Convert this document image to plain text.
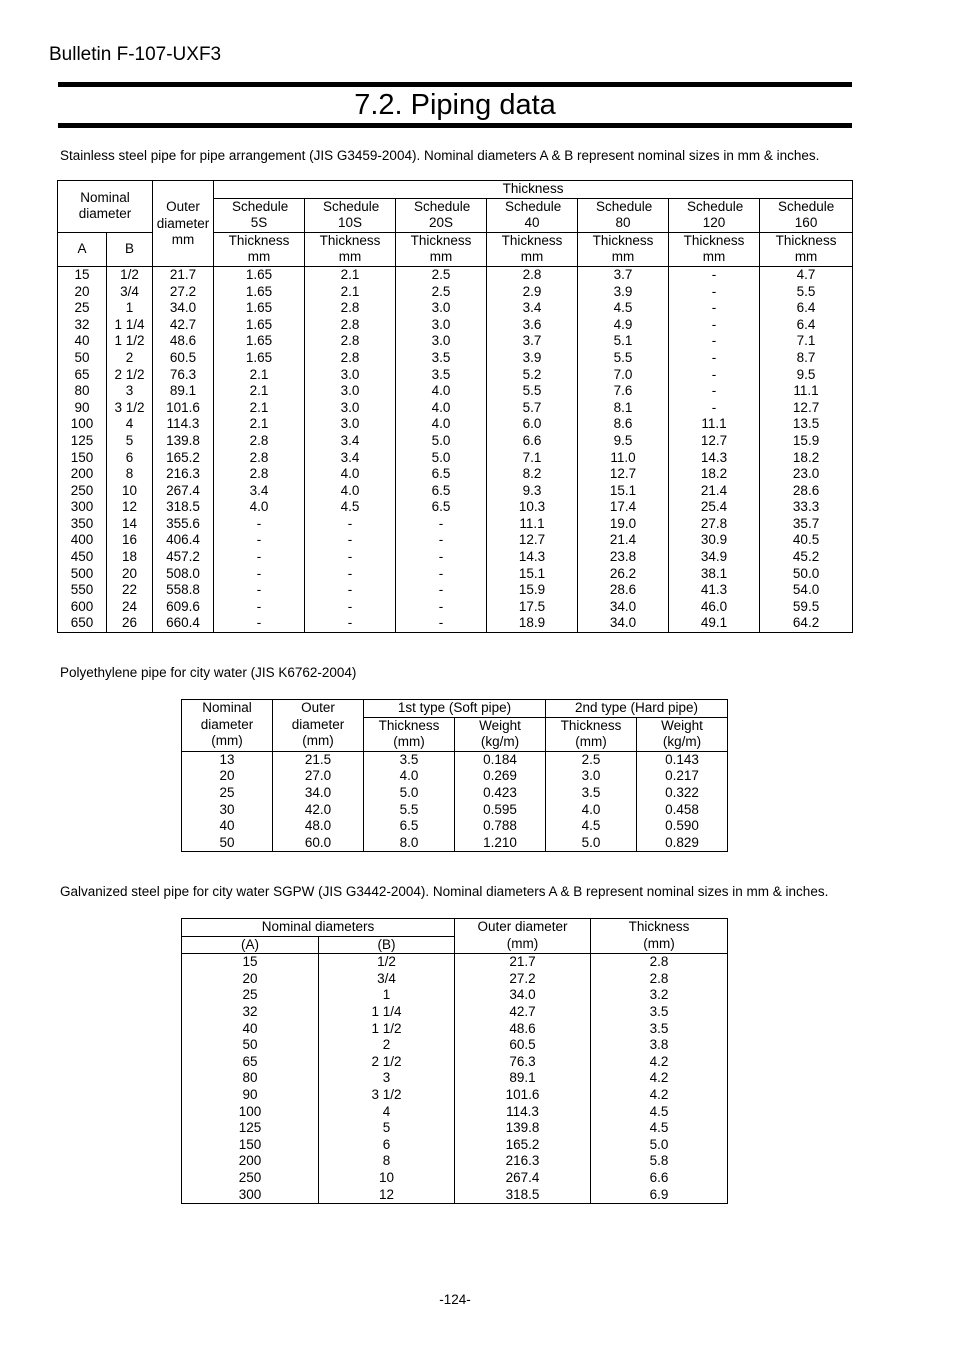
Bulletin F-107-UXF3
7.2. Piping data
Stainless steel pipe for pipe arrangement (JIS G3459-2004). Nominal diameters A & B represent nominal sizes in mm & inches.
Nominal diameter		Outer diameter mm	Thickness						
			Schedule 5S	Schedule 10S	Schedule 20S	Schedule 40	Schedule 80	Schedule 120	Schedule 160
A	B		Thickness mm	Thickness mm	Thickness mm	Thickness mm	Thickness mm	Thickness mm	Thickness mm
15	1/2	21.7	1.65	2.1	2.5	2.8	3.7	-	4.7
20	3/4	27.2	1.65	2.1	2.5	2.9	3.9	-	5.5
25	1	34.0	1.65	2.8	3.0	3.4	4.5	-	6.4
32	1 1/4	42.7	1.65	2.8	3.0	3.6	4.9	-	6.4
40	1 1/2	48.6	1.65	2.8	3.0	3.7	5.1	-	7.1
50	2	60.5	1.65	2.8	3.5	3.9	5.5	-	8.7
65	2 1/2	76.3	2.1	3.0	3.5	5.2	7.0	-	9.5
80	3	89.1	2.1	3.0	4.0	5.5	7.6	-	11.1
90	3 1/2	101.6	2.1	3.0	4.0	5.7	8.1	-	12.7
100	4	114.3	2.1	3.0	4.0	6.0	8.6	11.1	13.5
125	5	139.8	2.8	3.4	5.0	6.6	9.5	12.7	15.9
150	6	165.2	2.8	3.4	5.0	7.1	11.0	14.3	18.2
200	8	216.3	2.8	4.0	6.5	8.2	12.7	18.2	23.0
250	10	267.4	3.4	4.0	6.5	9.3	15.1	21.4	28.6
300	12	318.5	4.0	4.5	6.5	10.3	17.4	25.4	33.3
350	14	355.6	-	-	-	11.1	19.0	27.8	35.7
400	16	406.4	-	-	-	12.7	21.4	30.9	40.5
450	18	457.2	-	-	-	14.3	23.8	34.9	45.2
500	20	508.0	-	-	-	15.1	26.2	38.1	50.0
550	22	558.8	-	-	-	15.9	28.6	41.3	54.0
600	24	609.6	-	-	-	17.5	34.0	46.0	59.5
650	26	660.4	-	-	-	18.9	34.0	49.1	64.2
Polyethylene pipe for city water (JIS K6762-2004)
Nominal diameter (mm)	Outer diameter (mm)	1st type (Soft pipe)		2nd type (Hard pipe)	
		Thickness (mm)	Weight (kg/m)	Thickness (mm)	Weight (kg/m)
13	21.5	3.5	0.184	2.5	0.143
20	27.0	4.0	0.269	3.0	0.217
25	34.0	5.0	0.423	3.5	0.322
30	42.0	5.5	0.595	4.0	0.458
40	48.0	6.5	0.788	4.5	0.590
50	60.0	8.0	1.210	5.0	0.829
Galvanized steel pipe for city water SGPW (JIS G3442-2004). Nominal diameters A & B represent nominal sizes in mm & inches.
Nominal diameters		Outer diameter (mm)	Thickness (mm)
(A)	(B)		
15	1/2	21.7	2.8
20	3/4	27.2	2.8
25	1	34.0	3.2
32	1 1/4	42.7	3.5
40	1 1/2	48.6	3.5
50	2	60.5	3.8
65	2 1/2	76.3	4.2
80	3	89.1	4.2
90	3 1/2	101.6	4.2
100	4	114.3	4.5
125	5	139.8	4.5
150	6	165.2	5.0
200	8	216.3	5.8
250	10	267.4	6.6
300	12	318.5	6.9
-124-
